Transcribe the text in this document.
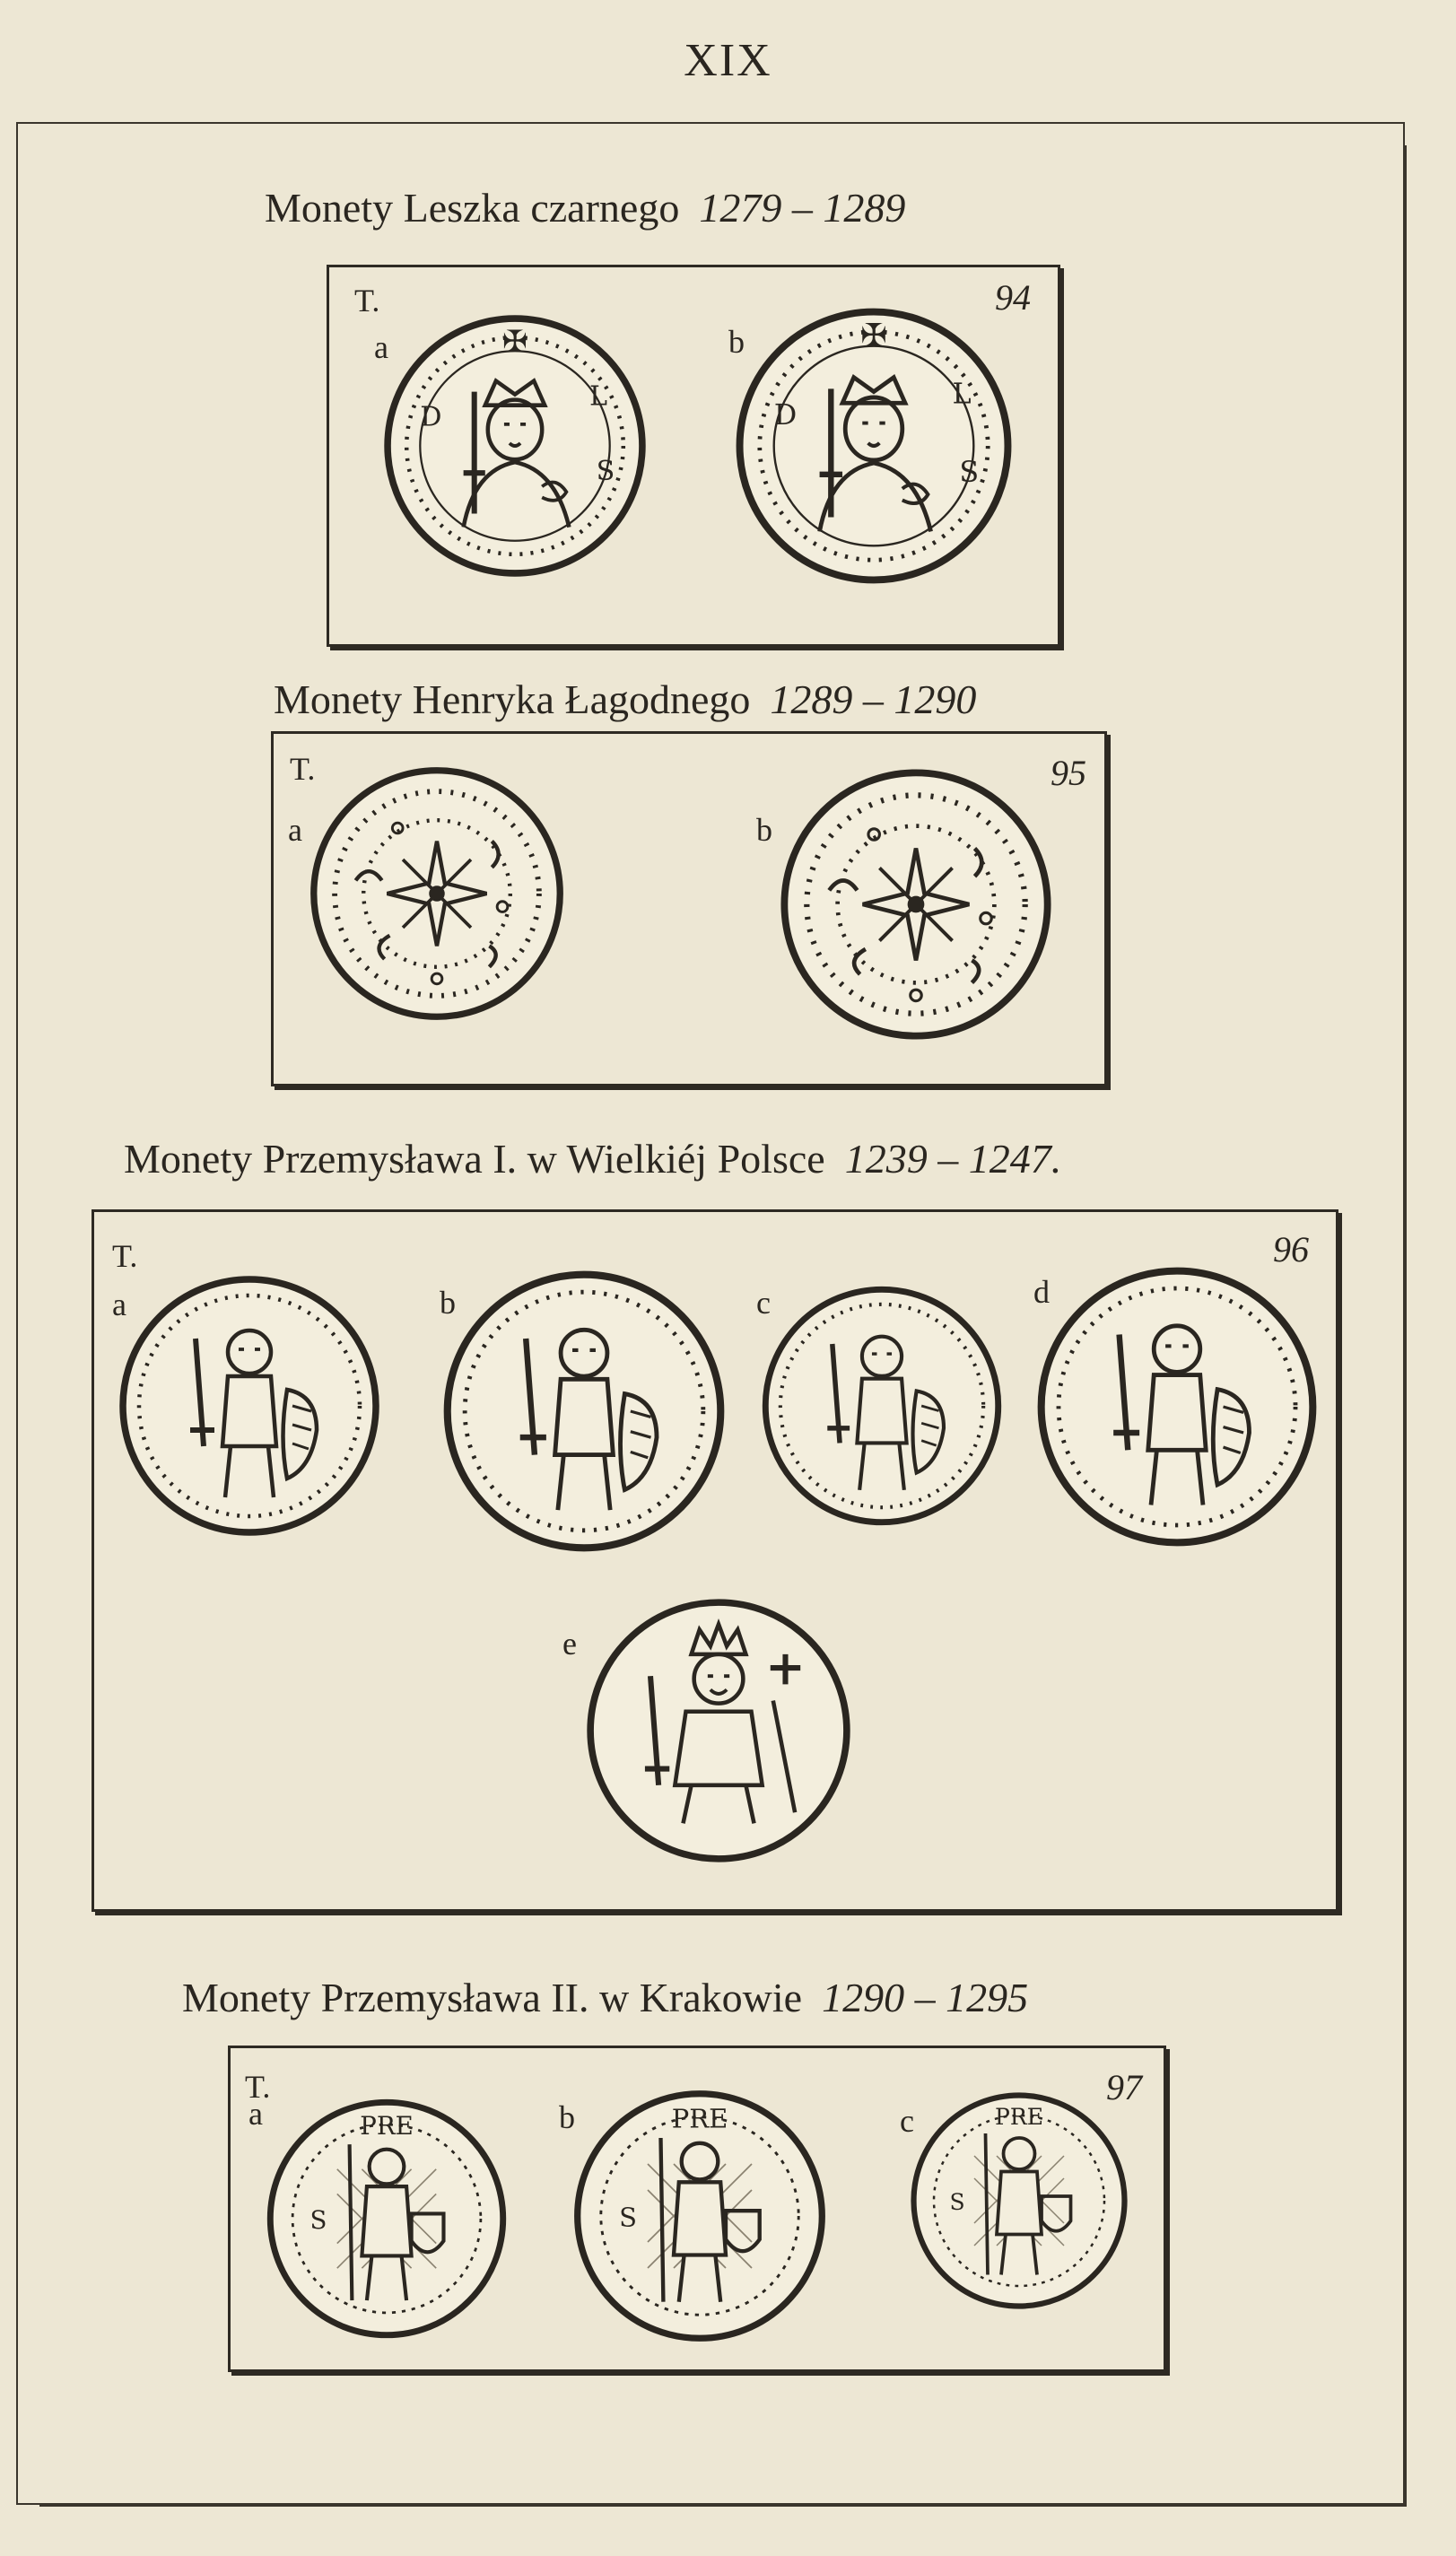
XIX
Monety Leszka czarnego 1279 – 1289
T.	94
a	b
Monety Henryka Łagodnego 1289 – 1290
T.	95
a	b
Monety Przemysława I. w Wielkiéj Polsce 1239 – 1247.
T.	96
a	b	c	d
e
Monety Przemysława II. w Krakowie 1290 – 1295
T.	97
a	b	c
